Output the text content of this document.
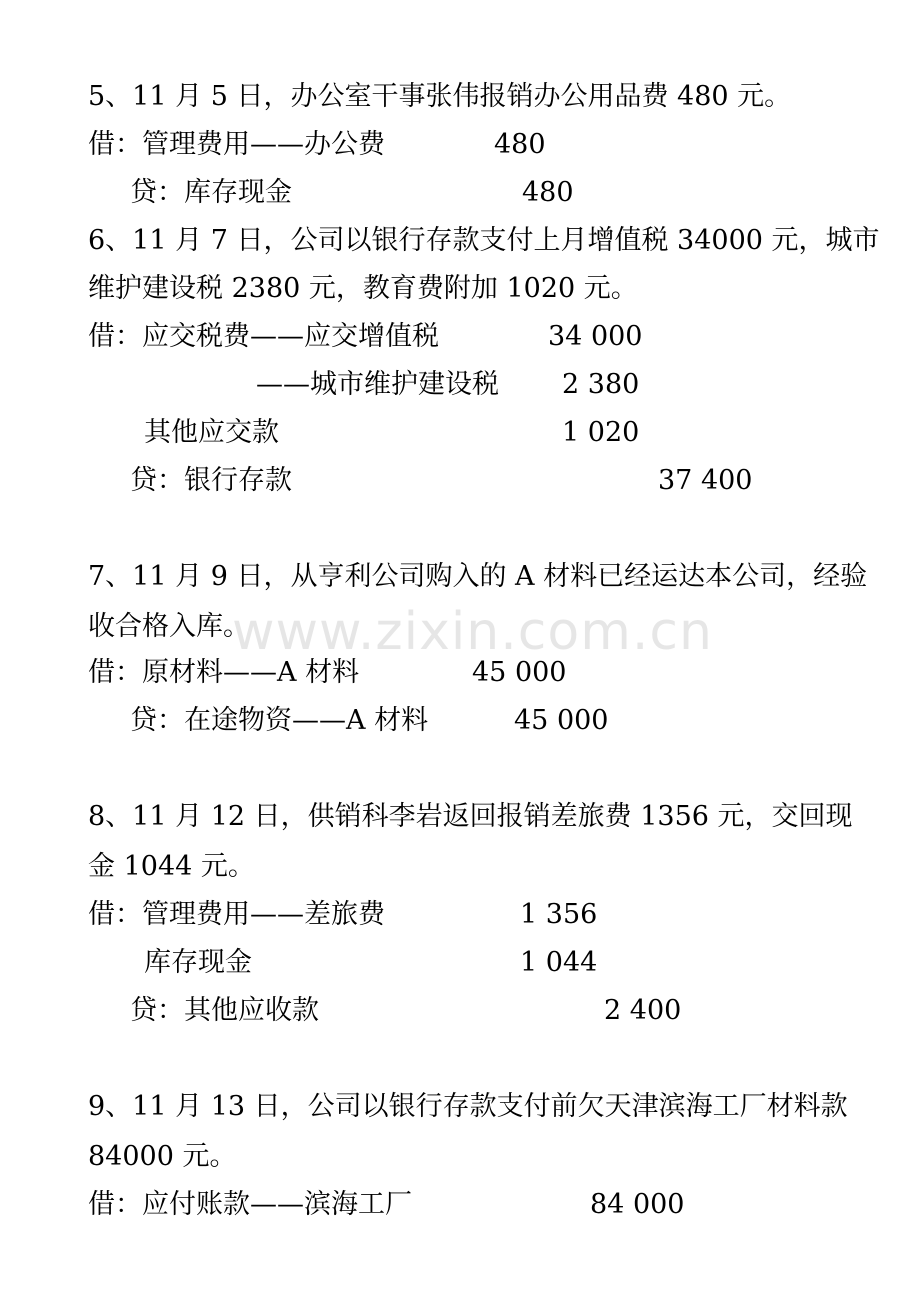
www.zixin.com.cn
5、11 月 5 日，办公室干事张伟报销办公用品费 480 元。
借：管理费用——办公费	480
贷：库存现金	480
6、11 月 7 日，公司以银行存款支付上月增值税 34000 元，城市
维护建设税 2380 元，教育费附加 1020 元。
借：应交税费——应交增值税	34 000
——城市维护建设税 2 380
其他应交款	1 020
贷：银行存款	37 400
7、11 月 9 日，从亨利公司购入的 A 材料已经运达本公司，经验
收合格入库。
借：原材料——A 材料	45 000
贷：在途物资——A 材料	45 000
8、11 月 12 日，供销科李岩返回报销差旅费 1356 元，交回现
金 1044 元。
借：管理费用——差旅费	1 356
库存现金	1 044
贷：其他应收款	2 400
9、11 月 13 日，公司以银行存款支付前欠天津滨海工厂材料款
84000 元。
借：应付账款——滨海工厂	84 000
